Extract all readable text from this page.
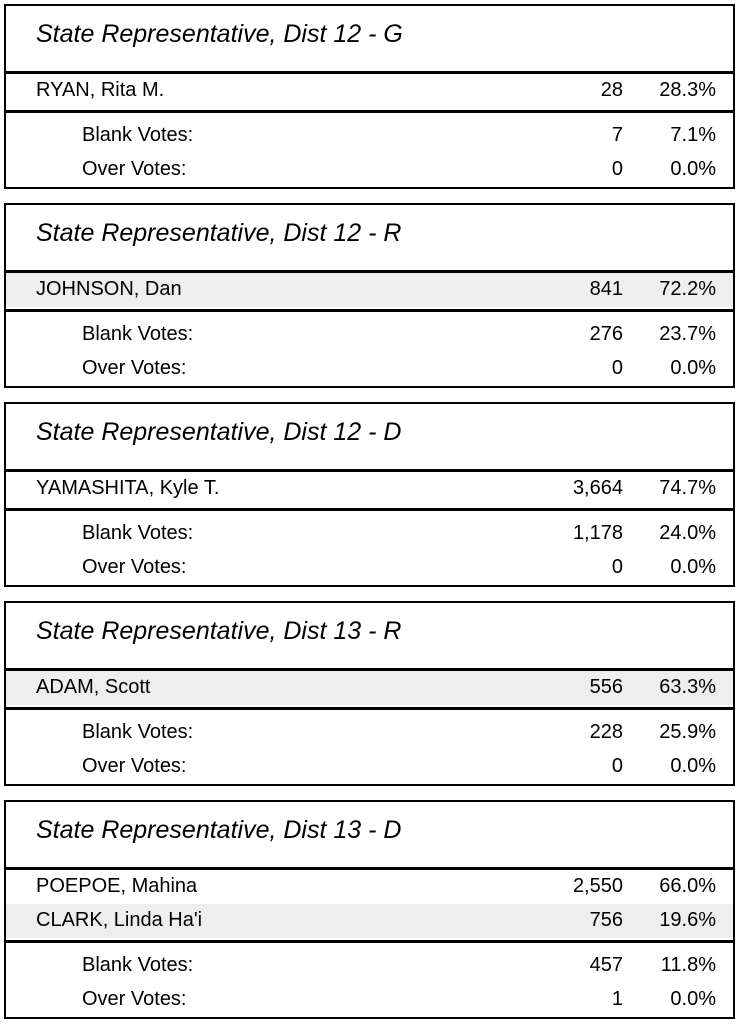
State Representative, Dist 12 - G
RYAN, Rita M.	28 28.3%
Blank Votes:	7 7.1%
Over Votes:	0 0.0%
State Representative, Dist 12 - R
JOHNSON, Dan	841 72.2%
Blank Votes:	276 23.7%
Over Votes:	0 0.0%
State Representative, Dist 12 - D
YAMASHITA, Kyle T.	3,664 74.7%
Blank Votes:	1,178 24.0%
Over Votes:	0 0.0%
State Representative, Dist 13 - R
ADAM, Scott	556 63.3%
Blank Votes:	228 25.9%
Over Votes:	0 0.0%
State Representative, Dist 13 - D
POEPOE, Mahina	2,550 66.0%
CLARK, Linda Ha'i	756 19.6%
Blank Votes:	457 11.8%
Over Votes:	1 0.0%
